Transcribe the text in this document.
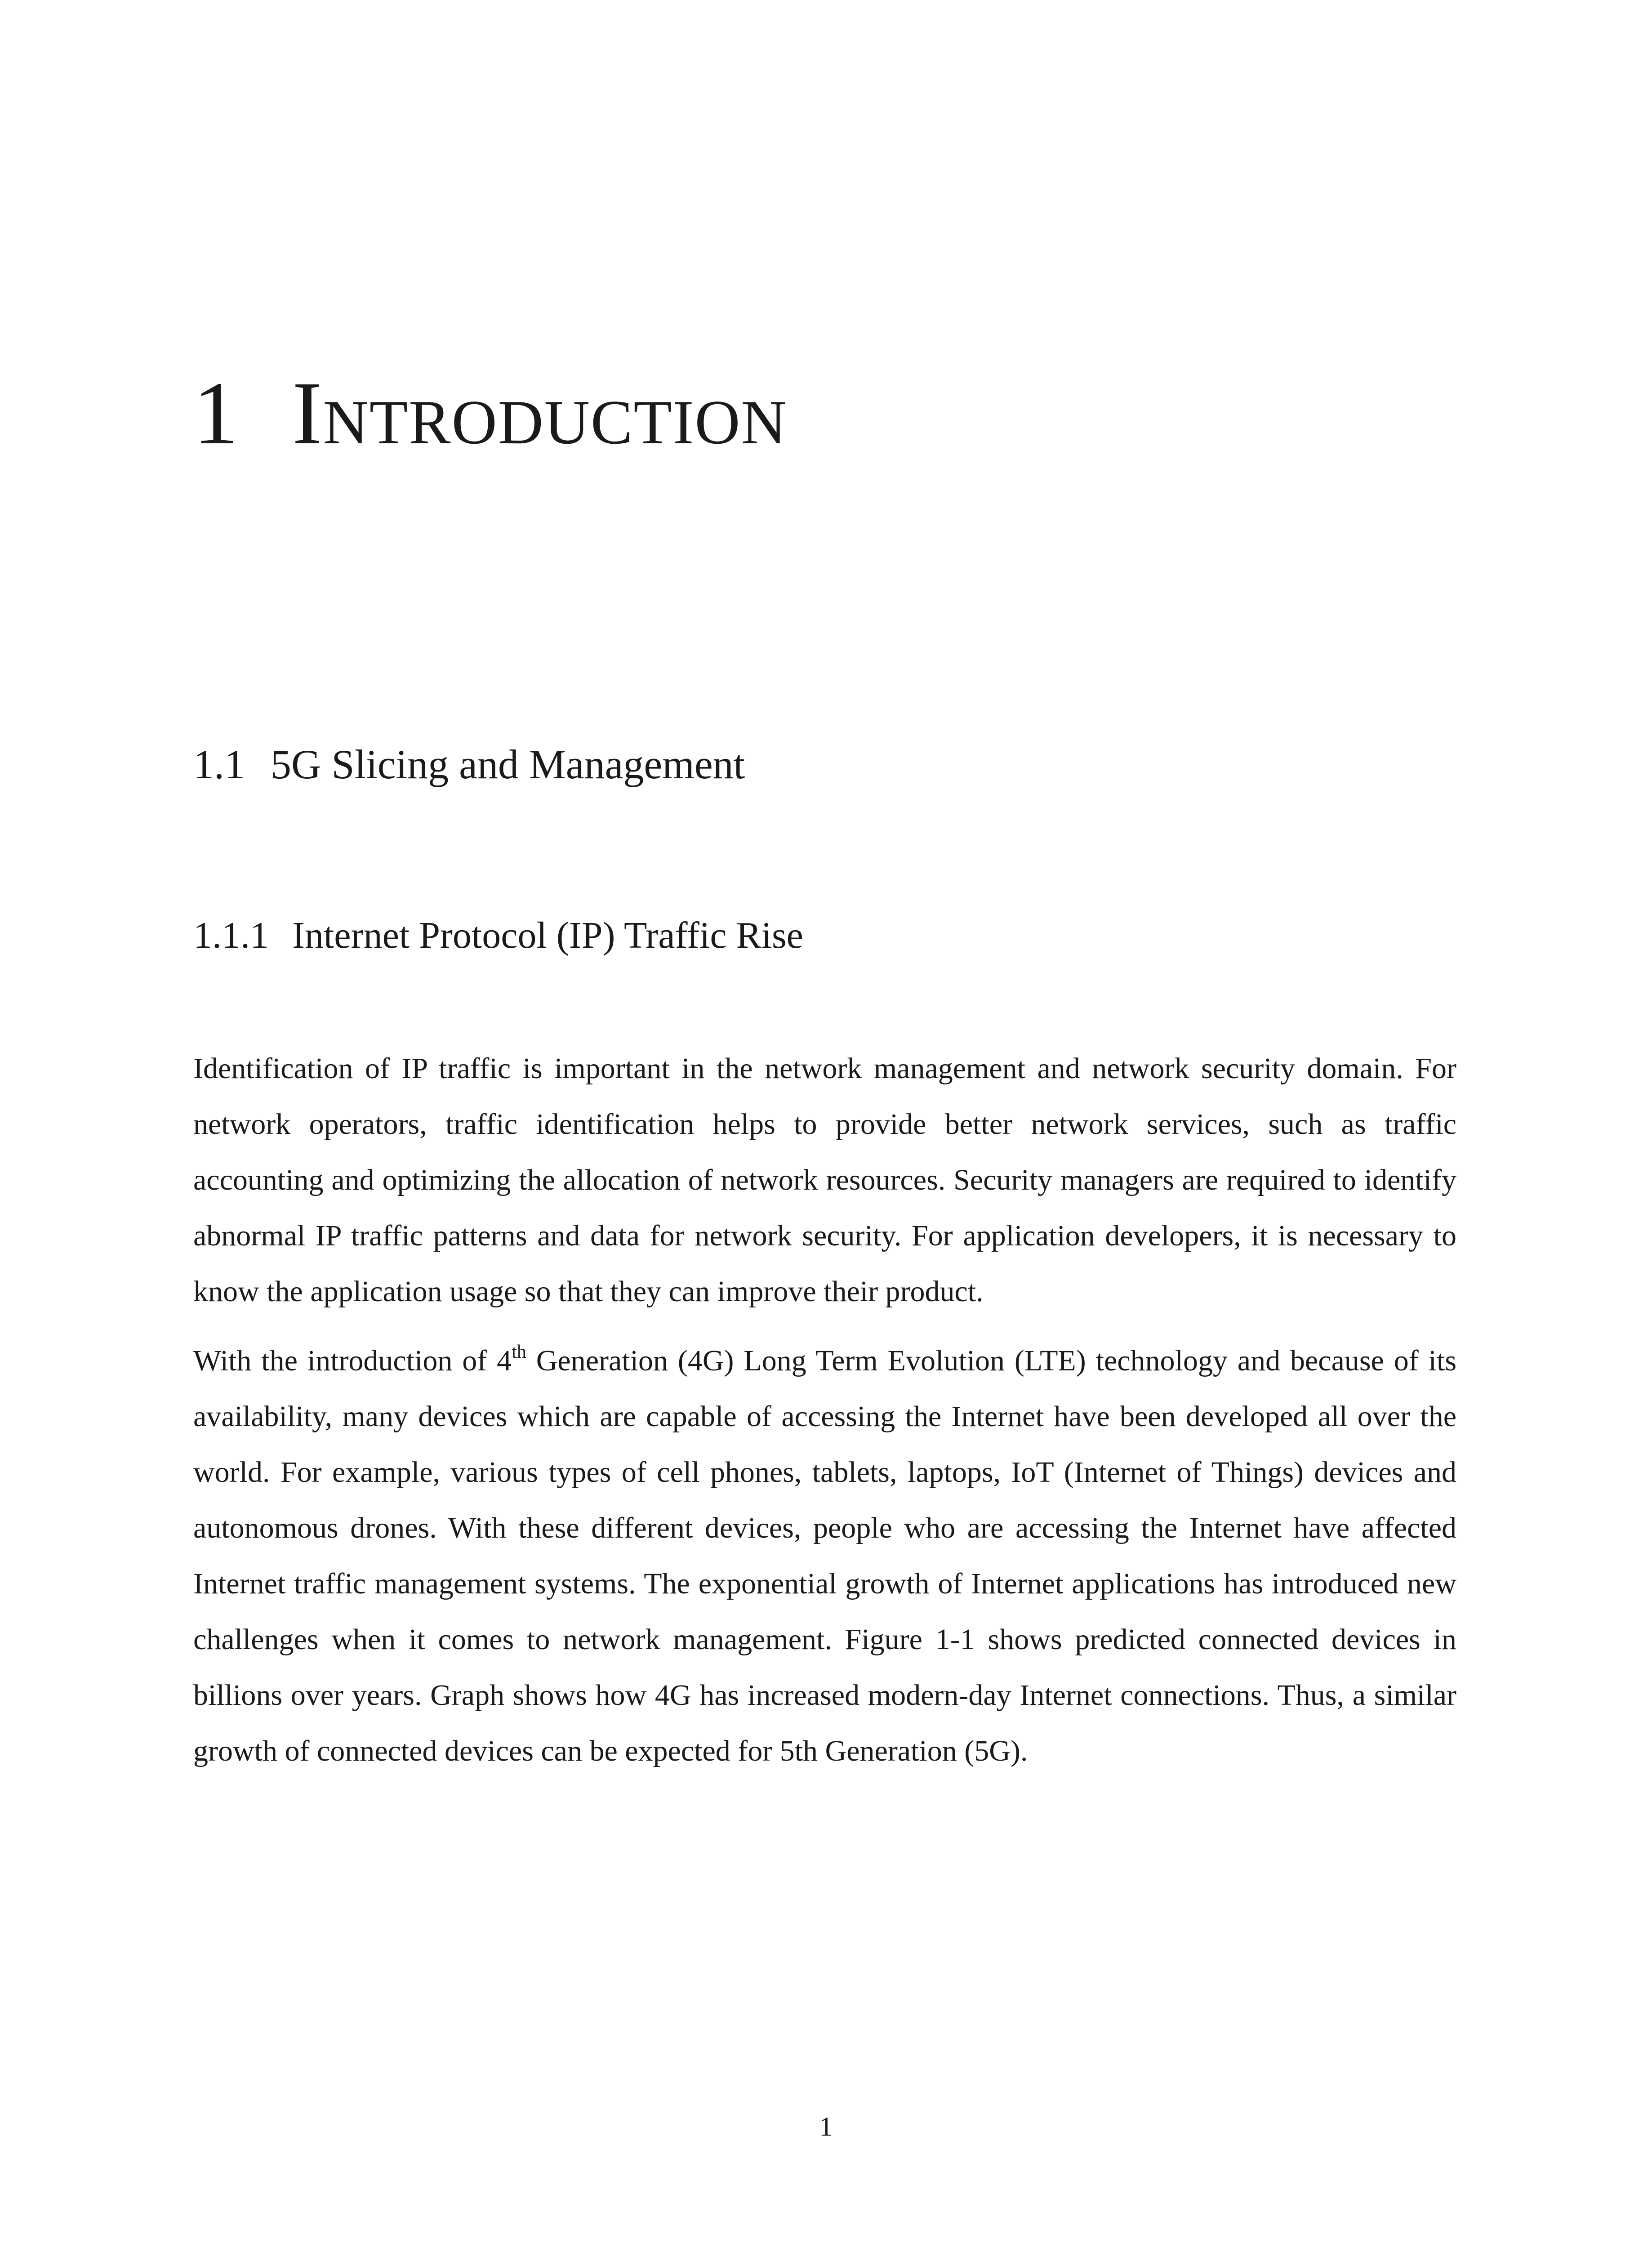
1 Introduction
1.1 5G Slicing and Management
1.1.1 Internet Protocol (IP) Traffic Rise

Identification of IP traffic is important in the network management and network security domain. For network operators, traffic identification helps to provide better network services, such as traffic accounting and optimizing the allocation of network resources. Security managers are required to identify abnormal IP traffic patterns and data for network security. For application developers, it is necessary to know the application usage so that they can improve their product.

With the introduction of 4th Generation (4G) Long Term Evolution (LTE) technology and because of its availability, many devices which are capable of accessing the Internet have been developed all over the world. For example, various types of cell phones, tablets, laptops, IoT (Internet of Things) devices and autonomous drones. With these different devices, people who are accessing the Internet have affected Internet traffic management systems. The exponential growth of Internet applications has introduced new challenges when it comes to network management. Figure 1-1 shows predicted connected devices in billions over years. Graph shows how 4G has increased modern-day Internet connections. Thus, a similar growth of connected devices can be expected for 5th Generation (5G).

1
